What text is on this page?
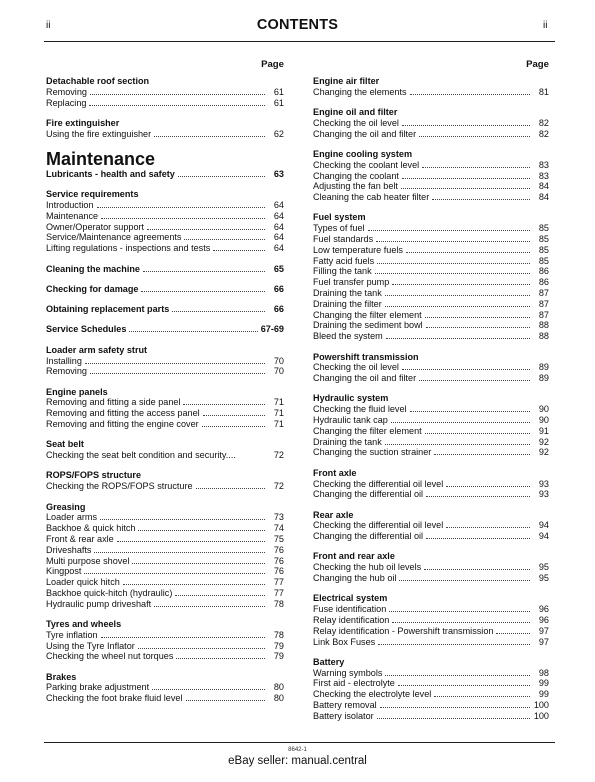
ii	CONTENTS	ii
Page
Detachable roof section
Removing	61
Replacing	61
Fire extinguisher
Using the fire extinguisher	62
Maintenance
Lubricants - health and safety	63
Service requirements
Introduction	64
Maintenance	64
Owner/Operator support	64
Service/Maintenance agreements	64
Lifting regulations - inspections and tests	64
Cleaning the machine	65
Checking for damage	66
Obtaining replacement parts	66
Service Schedules	67-69
Loader arm safety strut
Installing	70
Removing	70
Engine panels
Removing and fitting a side panel	71
Removing and fitting the access panel	71
Removing and fitting the engine cover	71
Seat belt
Checking the seat belt condition and security....	72
ROPS/FOPS structure
Checking the ROPS/FOPS structure	72
Greasing
Loader arms	73
Backhoe & quick hitch	74
Front & rear axle	75
Driveshafts	76
Multi purpose shovel	76
Kingpost	76
Loader quick hitch	77
Backhoe quick-hitch (hydraulic)	77
Hydraulic pump driveshaft	78
Tyres and wheels
Tyre inflation	78
Using the Tyre Inflator	79
Checking the wheel nut torques	79
Brakes
Parking brake adjustment	80
Checking the foot brake fluid level	80
Page
Engine air filter
Changing the elements	81
Engine oil and filter
Checking the oil level	82
Changing the oil and filter	82
Engine cooling system
Checking the coolant level	83
Changing the coolant	83
Adjusting the fan belt	84
Cleaning the cab heater filter	84
Fuel system
Types of fuel	85
Fuel standards	85
Low temperature fuels	85
Fatty acid fuels	85
Filling the tank	86
Fuel transfer pump	86
Draining the tank	87
Draining the filter	87
Changing the filter element	87
Draining the sediment bowl	88
Bleed the system	88
Powershift transmission
Checking the oil level	89
Changing the oil and filter	89
Hydraulic system
Checking the fluid level	90
Hydraulic tank cap	90
Changing the filter element	91
Draining the tank	92
Changing the suction strainer	92
Front axle
Checking the differential oil level	93
Changing the differential oil	93
Rear axle
Checking the differential oil level	94
Changing the differential oil	94
Front and rear axle
Checking the hub oil levels	95
Changing the hub oil	95
Electrical system
Fuse identification	96
Relay identification	96
Relay identification - Powershift transmission	97
Link Box Fuses	97
Battery
Warning symbols	98
First aid - electrolyte	99
Checking the electrolyte level	99
Battery removal	100
Battery isolator	100
8642-1
eBay seller: manual.central
